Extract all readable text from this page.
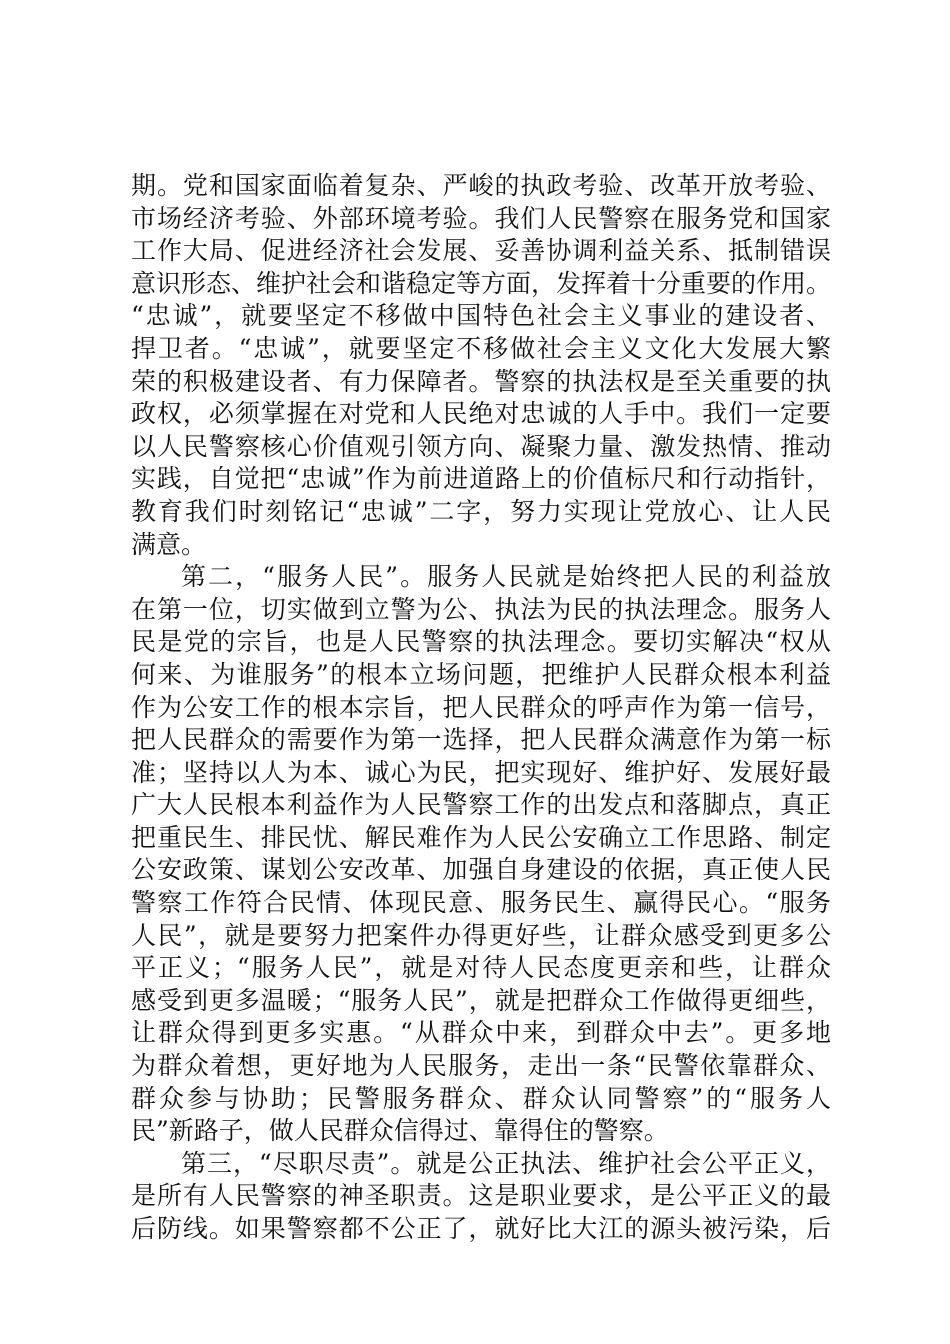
期。党和国家面临着复杂、严峻的执政考验、改革开放考验、
市场经济考验、外部环境考验。我们人民警察在服务党和国家
工作大局、促进经济社会发展、妥善协调利益关系、抵制错误
意识形态、维护社会和谐稳定等方面，发挥着十分重要的作用。
“忠诚”，就要坚定不移做中国特色社会主义事业的建设者、
捍卫者。“忠诚”，就要坚定不移做社会主义文化大发展大繁
荣的积极建设者、有力保障者。警察的执法权是至关重要的执
政权，必须掌握在对党和人民绝对忠诚的人手中。我们一定要
以人民警察核心价值观引领方向、凝聚力量、激发热情、推动
实践，自觉把“忠诚”作为前进道路上的价值标尺和行动指针，
教育我们时刻铭记“忠诚”二字，努力实现让党放心、让人民
满意。
第二，“服务人民”。服务人民就是始终把人民的利益放
在第一位，切实做到立警为公、执法为民的执法理念。服务人
民是党的宗旨，也是人民警察的执法理念。要切实解决“权从
何来、为谁服务”的根本立场问题，把维护人民群众根本利益
作为公安工作的根本宗旨，把人民群众的呼声作为第一信号，
把人民群众的需要作为第一选择，把人民群众满意作为第一标
准；坚持以人为本、诚心为民，把实现好、维护好、发展好最
广大人民根本利益作为人民警察工作的出发点和落脚点，真正
把重民生、排民忧、解民难作为人民公安确立工作思路、制定
公安政策、谋划公安改革、加强自身建设的依据，真正使人民
警察工作符合民情、体现民意、服务民生、赢得民心。“服务
人民”，就是要努力把案件办得更好些，让群众感受到更多公
平正义；“服务人民”，就是对待人民态度更亲和些，让群众
感受到更多温暖；“服务人民”，就是把群众工作做得更细些，
让群众得到更多实惠。“从群众中来，到群众中去”。更多地
为群众着想，更好地为人民服务，走出一条“民警依靠群众、
群众参与协助；民警服务群众、群众认同警察”的“服务人
民”新路子，做人民群众信得过、靠得住的警察。
第三，“尽职尽责”。就是公正执法、维护社会公平正义，
是所有人民警察的神圣职责。这是职业要求，是公平正义的最
后防线。如果警察都不公正了，就好比大江的源头被污染，后
